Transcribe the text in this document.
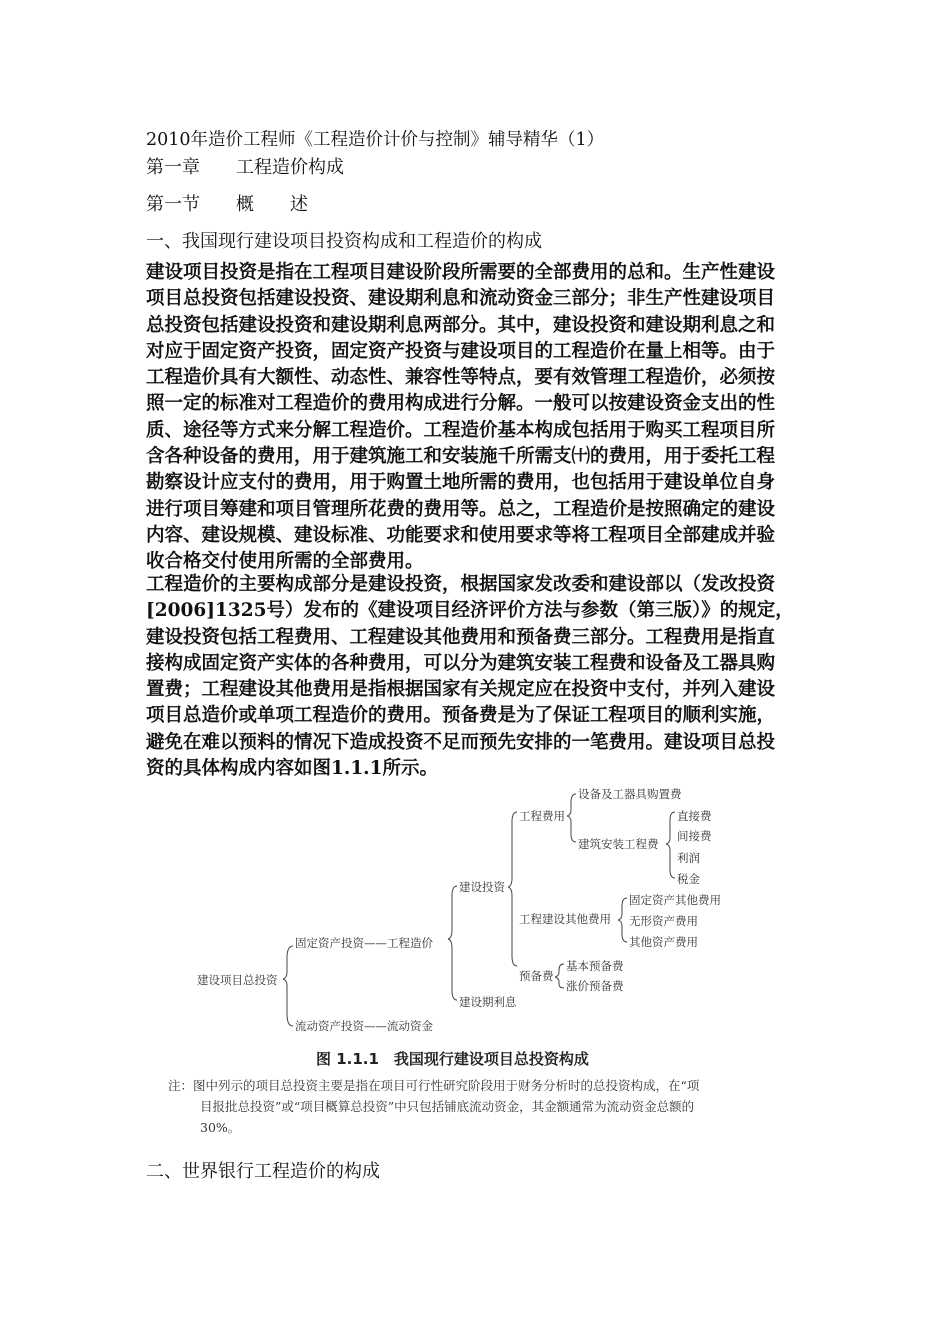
2010年造价工程师《工程造价计价与控制》辅导精华（1）
第一章　　工程造价构成
第一节　　概　　述
一、我国现行建设项目投资构成和工程造价的构成
建设项目投资是指在工程项目建设阶段所需要的全部费用的总和。生产性建设
项目总投资包括建设投资、建设期利息和流动资金三部分；非生产性建设项目
总投资包括建设投资和建设期利息两部分。其中，建设投资和建设期利息之和
对应于固定资产投资，固定资产投资与建设项目的工程造价在量上相等。由于
工程造价具有大额性、动态性、兼容性等特点，要有效管理工程造价，必须按
照一定的标准对工程造价的费用构成进行分解。一般可以按建设资金支出的性
质、途径等方式来分解工程造价。工程造价基本构成包括用于购买工程项目所
含各种设备的费用，用于建筑施工和安装施千所需支㈩的费用，用于委托工程
勘察设计应支付的费用，用于购置土地所需的费用，也包括用于建设单位自身
进行项目筹建和项目管理所花费的费用等。总之，工程造价是按照确定的建设
内容、建设规模、建设标准、功能要求和使用要求等将工程项目全部建成并验
收合格交付使用所需的全部费用。
工程造价的主要构成部分是建设投资，根据国家发改委和建设部以（发改投资
[2006]1325号）发布的《建设项目经济评价方法与参数（第三版）》的规定，
建设投资包括工程费用、工程建设其他费用和预备费三部分。工程费用是指直
接构成固定资产实体的各种费用，可以分为建筑安装工程费和设备及工器具购
置费；工程建设其他费用是指根据国家有关规定应在投资中支付，并列入建设
项目总造价或单项工程造价的费用。预备费是为了保证工程项目的顺利实施，
避免在难以预料的情况下造成投资不足而预先安排的一笔费用。建设项目总投
资的具体构成内容如图1.1.1所示。
建设项目总投资
固定资产投资——工程造价
流动资产投资——流动资金
建设投资
建设期利息
工程费用
设备及工器具购置费
建筑安装工程费
直接费
间接费
利润
税金
工程建设其他费用
固定资产其他费用
无形资产费用
其他资产费用
预备费
基本预备费
涨价预备费
图 1.1.1　我国现行建设项目总投资构成
注：图中列示的项目总投资主要是指在项目可行性研究阶段用于财务分析时的总投资构成，在“项
目报批总投资”或“项目概算总投资”中只包括铺底流动资金，其金额通常为流动资金总额的
30%。
二、世界银行工程造价的构成
